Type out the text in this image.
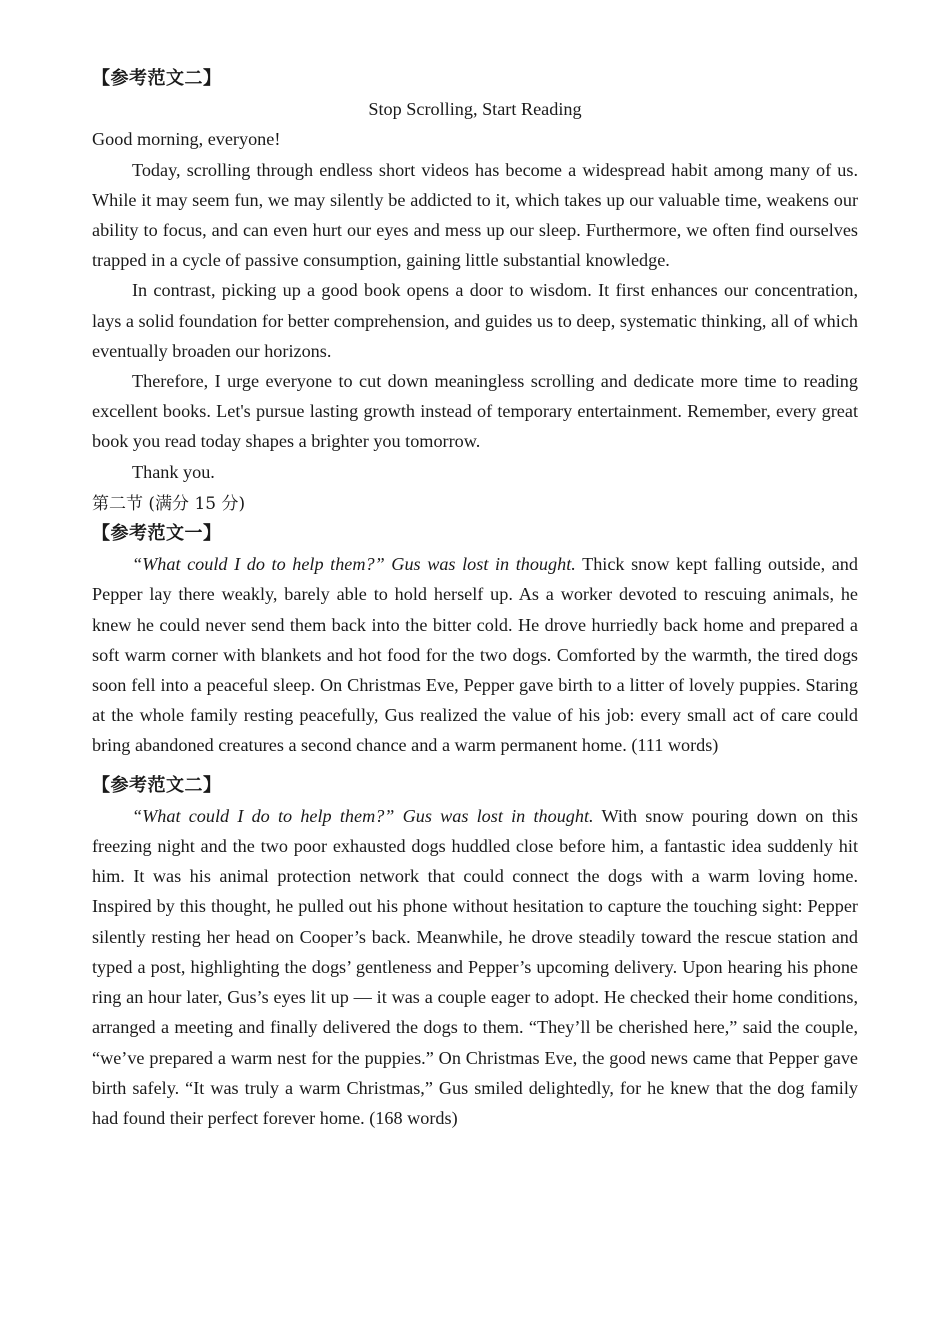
【参考范文二】

Stop Scrolling, Start Reading

Good morning, everyone!

Today, scrolling through endless short videos has become a widespread habit among many of us. While it may seem fun, we may silently be addicted to it, which takes up our valuable time, weakens our ability to focus, and can even hurt our eyes and mess up our sleep. Furthermore, we often find ourselves trapped in a cycle of passive consumption, gaining little substantial knowledge.

In contrast, picking up a good book opens a door to wisdom. It first enhances our concentration, lays a solid foundation for better comprehension, and guides us to deep, systematic thinking, all of which eventually broaden our horizons.

Therefore, I urge everyone to cut down meaningless scrolling and dedicate more time to reading excellent books. Let's pursue lasting growth instead of temporary entertainment. Remember, every great book you read today shapes a brighter you tomorrow.

Thank you.

第二节 (满分 15 分)

【参考范文一】

“What could I do to help them?” Gus was lost in thought. Thick snow kept falling outside, and Pepper lay there weakly, barely able to hold herself up. As a worker devoted to rescuing animals, he knew he could never send them back into the bitter cold. He drove hurriedly back home and prepared a soft warm corner with blankets and hot food for the two dogs. Comforted by the warmth, the tired dogs soon fell into a peaceful sleep. On Christmas Eve, Pepper gave birth to a litter of lovely puppies. Staring at the whole family resting peacefully, Gus realized the value of his job: every small act of care could bring abandoned creatures a second chance and a warm permanent home. (111 words)

【参考范文二】

“What could I do to help them?” Gus was lost in thought. With snow pouring down on this freezing night and the two poor exhausted dogs huddled close before him, a fantastic idea suddenly hit him. It was his animal protection network that could connect the dogs with a warm loving home. Inspired by this thought, he pulled out his phone without hesitation to capture the touching sight: Pepper silently resting her head on Cooper’s back. Meanwhile, he drove steadily toward the rescue station and typed a post, highlighting the dogs’ gentleness and Pepper’s upcoming delivery. Upon hearing his phone ring an hour later, Gus’s eyes lit up — it was a couple eager to adopt. He checked their home conditions, arranged a meeting and finally delivered the dogs to them. “They’ll be cherished here,” said the couple, “we’ve prepared a warm nest for the puppies.” On Christmas Eve, the good news came that Pepper gave birth safely. “It was truly a warm Christmas,” Gus smiled delightedly, for he knew that the dog family had found their perfect forever home. (168 words)
